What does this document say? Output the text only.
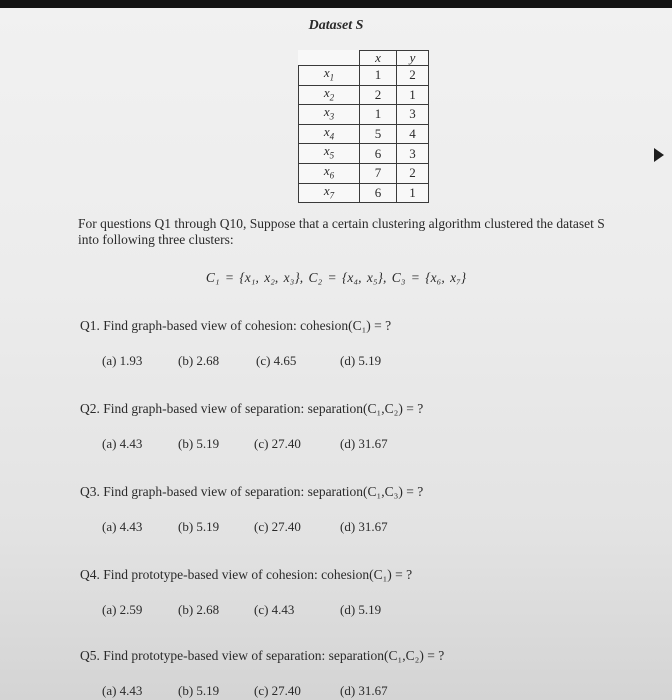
Dataset S
	x	y
$x_1$	1	2
$x_2$	2	1
$x_3$	1	3
$x_4$	5	4
$x_5$	6	3
$x_6$	7	2
$x_7$	6	1
For questions Q1 through Q10, Suppose that a certain clustering algorithm clustered the dataset S into following three clusters:
C₁ = {x₁, x₂, x₃}, C₂ = {x₄, x₅}, C₃ = {x₆, x₇}
Q1. Find graph-based view of cohesion: cohesion(C₁) = ?
(a) 1.93	(b) 2.68	(c) 4.65	(d) 5.19
Q2. Find graph-based view of separation: separation(C₁,C₂) = ?
(a) 4.43	(b) 5.19	(c) 27.40	(d) 31.67
Q3. Find graph-based view of separation: separation(C₁,C₃) = ?
(a) 4.43	(b) 5.19	(c) 27.40	(d) 31.67
Q4. Find prototype-based view of cohesion: cohesion(C₁) = ?
(a) 2.59	(b) 2.68	(c) 4.43	(d) 5.19
Q5. Find prototype-based view of separation: separation(C₁,C₂) = ?
(a) 4.43	(b) 5.19	(c) 27.40	(d) 31.67
